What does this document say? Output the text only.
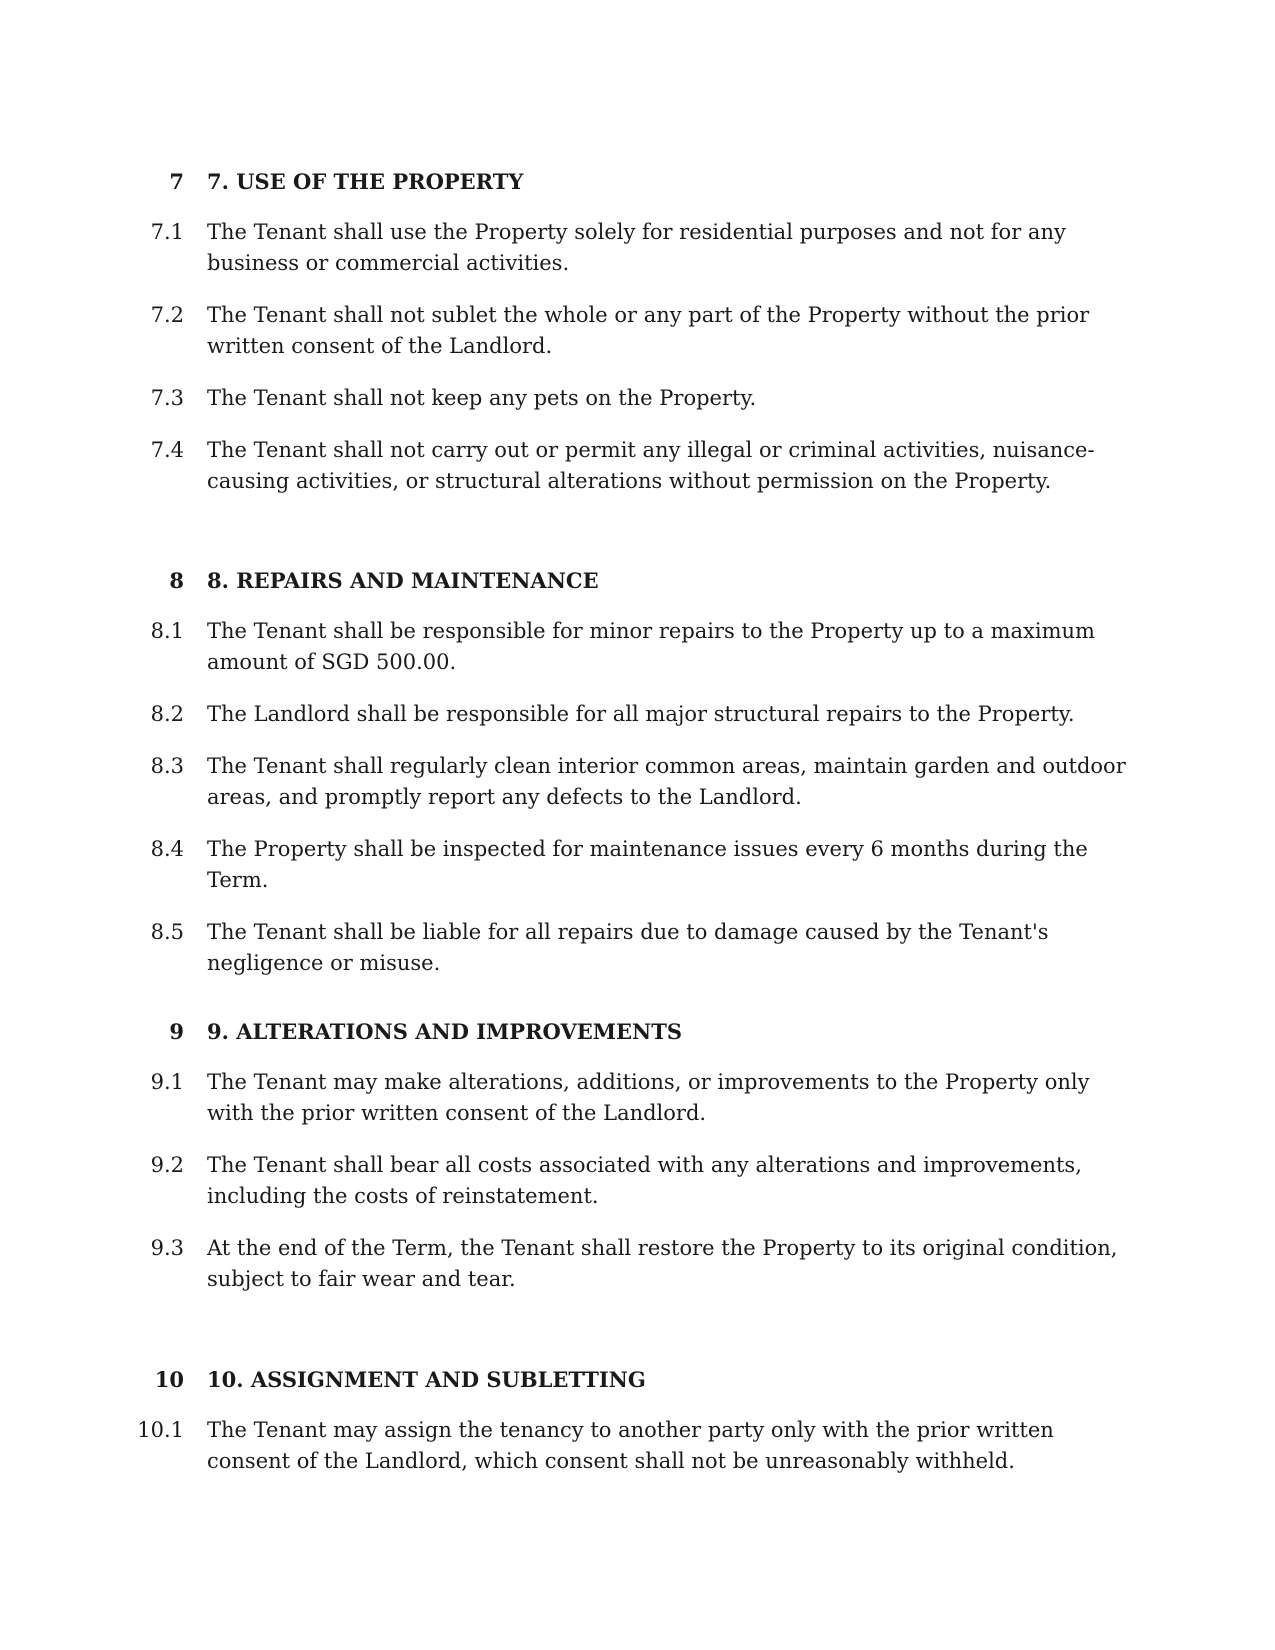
7 7. USE OF THE PROPERTY
7.1 The Tenant shall use the Property solely for residential purposes and not for any business or commercial activities.
7.2 The Tenant shall not sublet the whole or any part of the Property without the prior written consent of the Landlord.
7.3 The Tenant shall not keep any pets on the Property.
7.4 The Tenant shall not carry out or permit any illegal or criminal activities, nuisance-causing activities, or structural alterations without permission on the Property.
8 8. REPAIRS AND MAINTENANCE
8.1 The Tenant shall be responsible for minor repairs to the Property up to a maximum amount of SGD 500.00.
8.2 The Landlord shall be responsible for all major structural repairs to the Property.
8.3 The Tenant shall regularly clean interior common areas, maintain garden and outdoor areas, and promptly report any defects to the Landlord.
8.4 The Property shall be inspected for maintenance issues every 6 months during the Term.
8.5 The Tenant shall be liable for all repairs due to damage caused by the Tenant's negligence or misuse.
9 9. ALTERATIONS AND IMPROVEMENTS
9.1 The Tenant may make alterations, additions, or improvements to the Property only with the prior written consent of the Landlord.
9.2 The Tenant shall bear all costs associated with any alterations and improvements, including the costs of reinstatement.
9.3 At the end of the Term, the Tenant shall restore the Property to its original condition, subject to fair wear and tear.
10 10. ASSIGNMENT AND SUBLETTING
10.1 The Tenant may assign the tenancy to another party only with the prior written consent of the Landlord, which consent shall not be unreasonably withheld.
